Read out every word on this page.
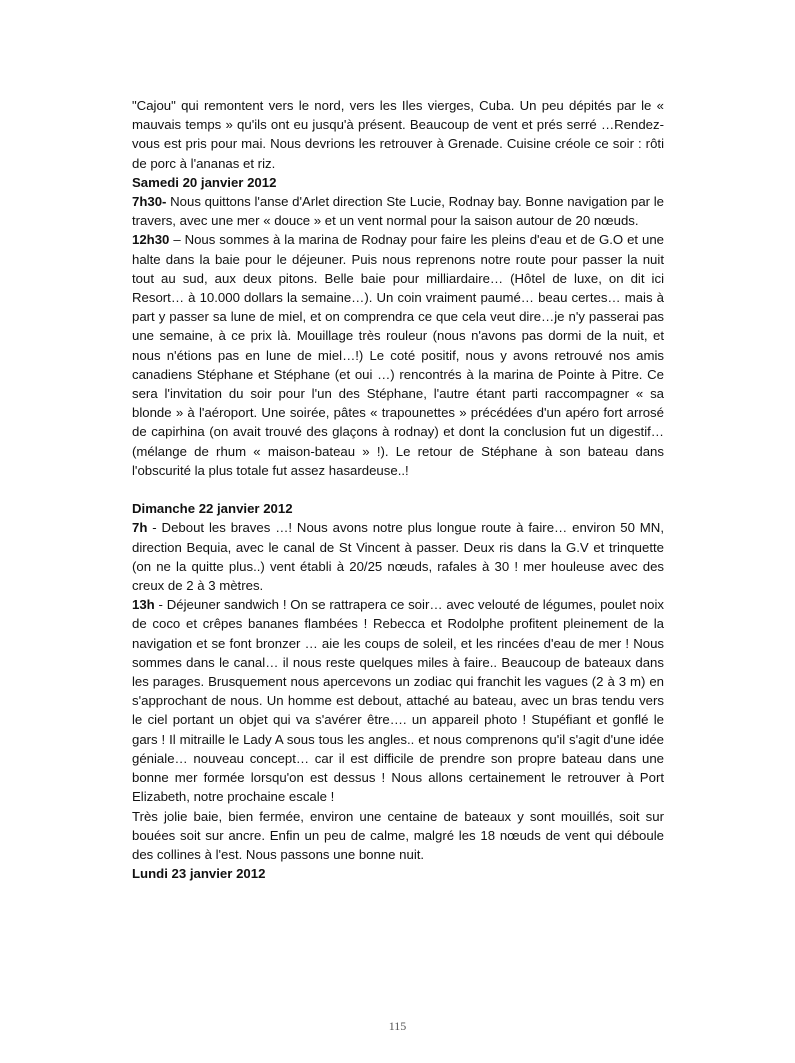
"Cajou" qui remontent vers le nord, vers les Iles vierges, Cuba. Un peu dépités par le « mauvais temps » qu'ils ont eu jusqu'à présent. Beaucoup de vent et prés serré …Rendez-vous est pris pour mai. Nous devrions les retrouver à Grenade. Cuisine créole ce soir : rôti de porc à l'ananas et riz.

Samedi 20 janvier 2012

7h30- Nous quittons l'anse d'Arlet direction Ste Lucie, Rodnay bay. Bonne navigation par le travers, avec une mer « douce » et un vent normal pour la saison autour de 20 nœuds.

12h30 – Nous sommes à la marina de Rodnay pour faire les pleins d'eau et de G.O et une halte dans la baie pour le déjeuner. Puis nous reprenons notre route pour passer la nuit tout au sud, aux deux pitons. Belle baie pour milliardaire… (Hôtel de luxe, on dit ici Resort… à 10.000 dollars la semaine…). Un coin vraiment paumé… beau certes… mais à part y passer sa lune de miel, et on comprendra ce que cela veut dire…je n'y passerai pas une semaine, à ce prix là. Mouillage très rouleur (nous n'avons pas dormi de la nuit, et nous n'étions pas en lune de miel…!) Le coté positif, nous y avons retrouvé nos amis canadiens Stéphane et Stéphane (et oui …) rencontrés à la marina de Pointe à Pitre. Ce sera l'invitation du soir pour l'un des Stéphane, l'autre étant parti raccompagner « sa blonde » à l'aéroport. Une soirée, pâtes « trapounettes » précédées d'un apéro fort arrosé de capirhina (on avait trouvé des glaçons à rodnay) et dont la conclusion fut un digestif… (mélange de rhum « maison-bateau » !). Le retour de Stéphane à son bateau dans l'obscurité la plus totale fut assez hasardeuse..!

Dimanche 22 janvier 2012

7h - Debout les braves …! Nous avons notre plus longue route à faire… environ 50 MN, direction Bequia, avec le canal de St Vincent à passer. Deux ris dans la G.V et trinquette (on ne la quitte plus..) vent établi à 20/25 nœuds, rafales à 30 ! mer houleuse avec des creux de 2 à 3 mètres.

13h - Déjeuner sandwich ! On se rattrapera ce soir… avec velouté de légumes, poulet noix de coco et crêpes bananes flambées ! Rebecca et Rodolphe profitent pleinement de la navigation et se font bronzer … aie les coups de soleil, et les rincées d'eau de mer ! Nous sommes dans le canal… il nous reste quelques miles à faire.. Beaucoup de bateaux dans les parages. Brusquement nous apercevons un zodiac qui franchit les vagues (2 à 3 m) en s'approchant de nous. Un homme est debout, attaché au bateau, avec un bras tendu vers le ciel portant un objet qui va s'avérer être…. un appareil photo ! Stupéfiant et gonflé le gars ! Il mitraille le Lady A sous tous les angles.. et nous comprenons qu'il s'agit d'une idée géniale… nouveau concept… car il est difficile de prendre son propre bateau dans une bonne mer formée lorsqu'on est dessus ! Nous allons certainement le retrouver à Port Elizabeth, notre prochaine escale !

Très jolie baie, bien fermée, environ une centaine de bateaux y sont mouillés, soit sur bouées soit sur ancre. Enfin un peu de calme, malgré les 18 nœuds de vent qui déboule des collines à l'est. Nous passons une bonne nuit.

Lundi 23 janvier 2012

115
